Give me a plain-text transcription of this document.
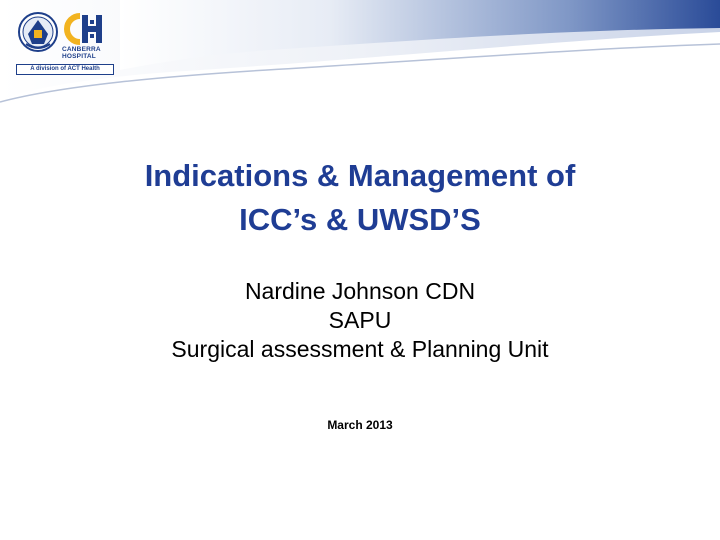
CANBERRA
HOSPITAL
A division of ACT Health
Indications & Management of
ICC’s & UWSD’S
Nardine Johnson CDN
SAPU
Surgical assessment & Planning Unit
March 2013
